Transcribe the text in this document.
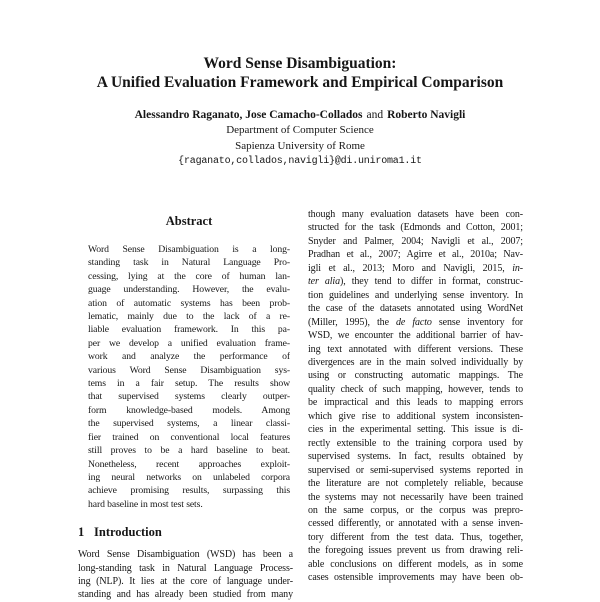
Word Sense Disambiguation:
A Unified Evaluation Framework and Empirical Comparison
Alessandro Raganato, Jose Camacho-Collados and Roberto Navigli
Department of Computer Science
Sapienza University of Rome
{raganato,collados,navigli}@di.uniroma1.it
Abstract
Word Sense Disambiguation is a long-
standing task in Natural Language Pro-
cessing, lying at the core of human lan-
guage understanding. However, the evalu-
ation of automatic systems has been prob-
lematic, mainly due to the lack of a re-
liable evaluation framework. In this pa-
per we develop a unified evaluation frame-
work and analyze the performance of
various Word Sense Disambiguation sys-
tems in a fair setup. The results show
that supervised systems clearly outper-
form knowledge-based models. Among
the supervised systems, a linear classi-
fier trained on conventional local features
still proves to be a hard baseline to beat.
Nonetheless, recent approaches exploit-
ing neural networks on unlabeled corpora
achieve promising results, surpassing this
hard baseline in most test sets.
1 Introduction
Word Sense Disambiguation (WSD) has been a
long-standing task in Natural Language Process-
ing (NLP). It lies at the core of language under-
standing and has already been studied from many
though many evaluation datasets have been con-
structed for the task (Edmonds and Cotton, 2001;
Snyder and Palmer, 2004; Navigli et al., 2007;
Pradhan et al., 2007; Agirre et al., 2010a; Nav-
igli et al., 2013; Moro and Navigli, 2015, in-
ter alia), they tend to differ in format, construc-
tion guidelines and underlying sense inventory. In
the case of the datasets annotated using WordNet
(Miller, 1995), the de facto sense inventory for
WSD, we encounter the additional barrier of hav-
ing text annotated with different versions. These
divergences are in the main solved individually by
using or constructing automatic mappings. The
quality check of such mapping, however, tends to
be impractical and this leads to mapping errors
which give rise to additional system inconsisten-
cies in the experimental setting. This issue is di-
rectly extensible to the training corpora used by
supervised systems. In fact, results obtained by
supervised or semi-supervised systems reported in
the literature are not completely reliable, because
the systems may not necessarily have been trained
on the same corpus, or the corpus was prepro-
cessed differently, or annotated with a sense inven-
tory different from the test data. Thus, together,
the foregoing issues prevent us from drawing reli-
able conclusions on different models, as in some
cases ostensible improvements may have been ob-
